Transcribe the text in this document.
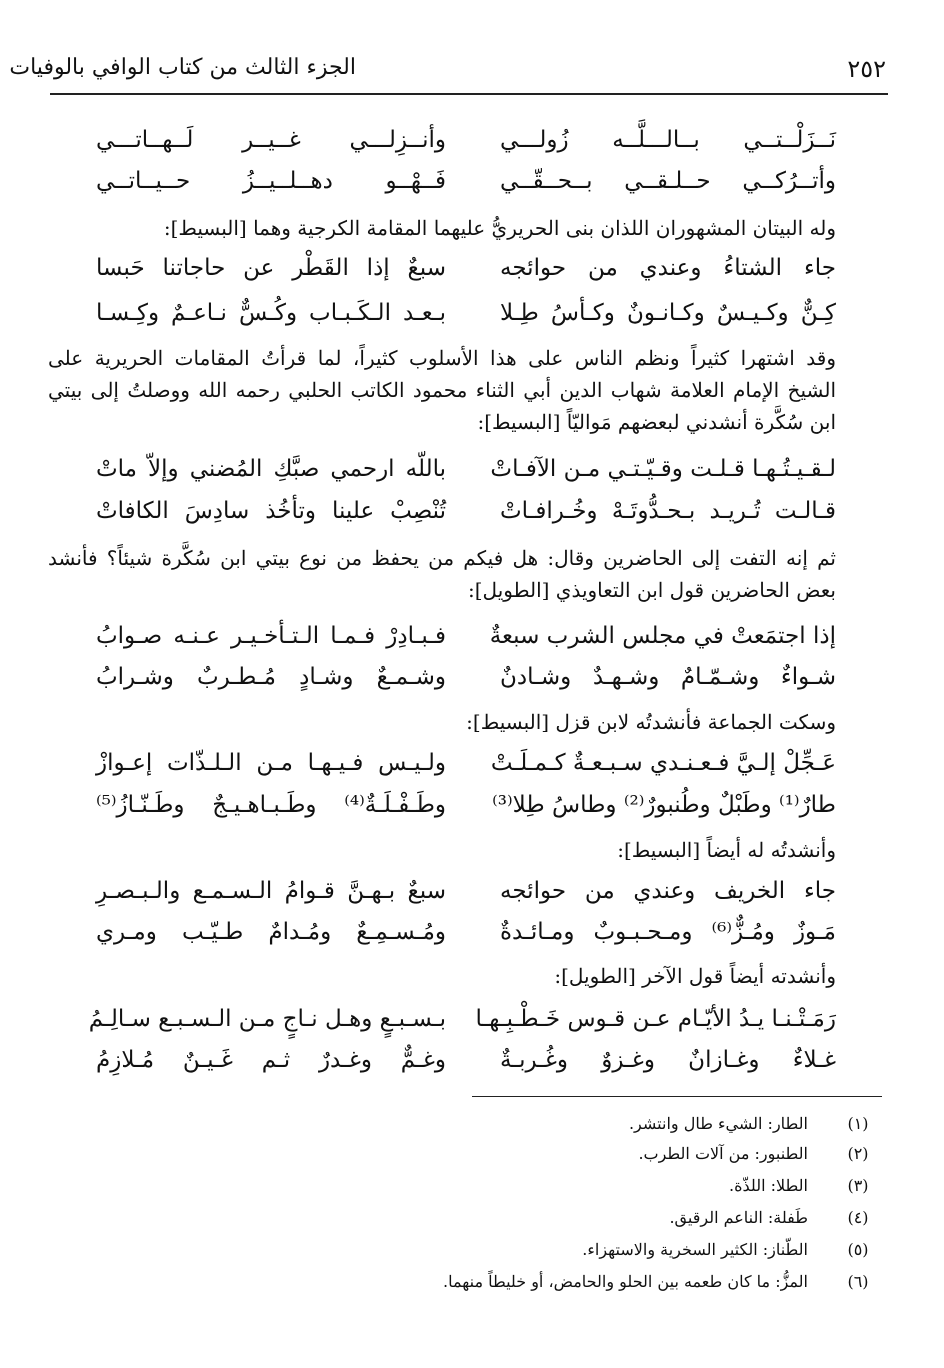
الجزء الثالث من كتاب الوافي بالوفيات	٢٥٢
نَــزَلْــتــي بــالـــلَّــه زُولـــي
وأنــزِلـــي غــيــر لَــهــاتـــي
وأتــرُكــي حــلـقــي بــحــقّــي
فَــهْــو دهــلــيــزُ حــيــاتــي
وله البيتان المشهوران اللذان بنى الحريريُّ عليهما المقامة الكرجية وهما [البسيط]:
جاء الشتاءُ وعندي من حوائجه
سبعٌ إذا القَطْر عن حاجاتنا حَبسا
كِـنٌّ وكـيـسٌ وكـانـونٌ وكـأسُ طِـلا
بـعـد الـكَـبـاب وكُـسٌّ نـاعـمٌ وكِـسـا
وقد اشتهرا كثيراً ونظم الناس على هذا الأسلوب كثيراً، لما قرأتُ المقامات الحريرية على
الشيخ الإمام العلامة شهاب الدين أبي الثناء محمود الكاتب الحلبي رحمه الله ووصلتُ إلى بيتي
ابن سُكَّرة أنشدني لبعضهم مَواليّاً [البسيط]:
لـقـيـتُـهـا قـلـت وقـيّـتـي مـن الآفـاتْ
باللّه ارحمي صبَّكِ المُضني وإلاّ ماتْ
قـالـت تُـريـد بـحـدُّوتَـهْ وخُـرافـاتْ
تُنْصِبْ علينا وتأخُذ سادِسَ الكافاتْ
ثم إنه التفت إلى الحاضرين وقال: هل فيكم من يحفظ من نوع بيتي ابن سُكَّرة شيئاً؟ فأنشد
بعض الحاضرين قول ابن التعاويذي [الطويل]:
إذا اجتمَعتْ في مجلس الشرب سبعةٌ
فـبـادِرْ فـمـا الـتـأخـيـر عـنـه صـوابُ
شـواءٌ وشـمّـامٌ وشـهـدٌ وشـادنٌ
وشـمـعٌ وشـادٍ مُـطـربٌ وشـرابُ
وسكت الجماعة فأنشدتُه لابن قزل [البسيط]:
عَـجِّلْ إلـيَّ فـعـنـدي سـبـعـةٌ كـمـلَـتْ
ولـيـس فـيـهـا مـن الـلـذّات إعـوازْ
طارٌ⁽¹⁾ وطَبْلٌ وطُنبورٌ⁽²⁾ وطاسُ طِلا⁽³⁾
وطَـفْـلَـةٌ⁽⁴⁾ وطَـبـاهـيـجٌ وطَـنّـازُ⁽⁵⁾
وأنشدتُه له أيضاً [البسيط]:
جاء الخريف وعندي من حوائجه
سبعٌ بـهـنَّ قـوامُ الـسـمـع والـبـصـرِ
مَـوزٌ ومُـزٌّ⁽⁶⁾ ومـحـبـوبٌ ومـائـدةٌ
ومُـسـمِـعٌ ومُـدامٌ طـيّـب ومـري
وأنشدته أيضاً قول الآخر [الطويل]:
رَمَـتْـنـا يـدُ الأيّـام عـن قـوس خَـطْـبِـهـا
بـسـبـعٍ وهـل نـاجٍ مـن الـسـبـع سـالِـمُ
غـلاءٌ وغـازانٌ وغـزوٌ وغُـربـةٌ
وغـمٌّ وغـدرٌ ثـم غَـيـنٌ مُـلازِمُ
(١)
الطار: الشيء طال وانتشر.
(٢)
الطنبور: من آلات الطرب.
(٣)
الطلا: اللذّة.
(٤)
طَفلة: الناعم الرقيق.
(٥)
الطّناز: الكثير السخرية والاستهزاء.
(٦)
المزُّ: ما كان طعمه بين الحلو والحامض، أو خليطاً منهما.
